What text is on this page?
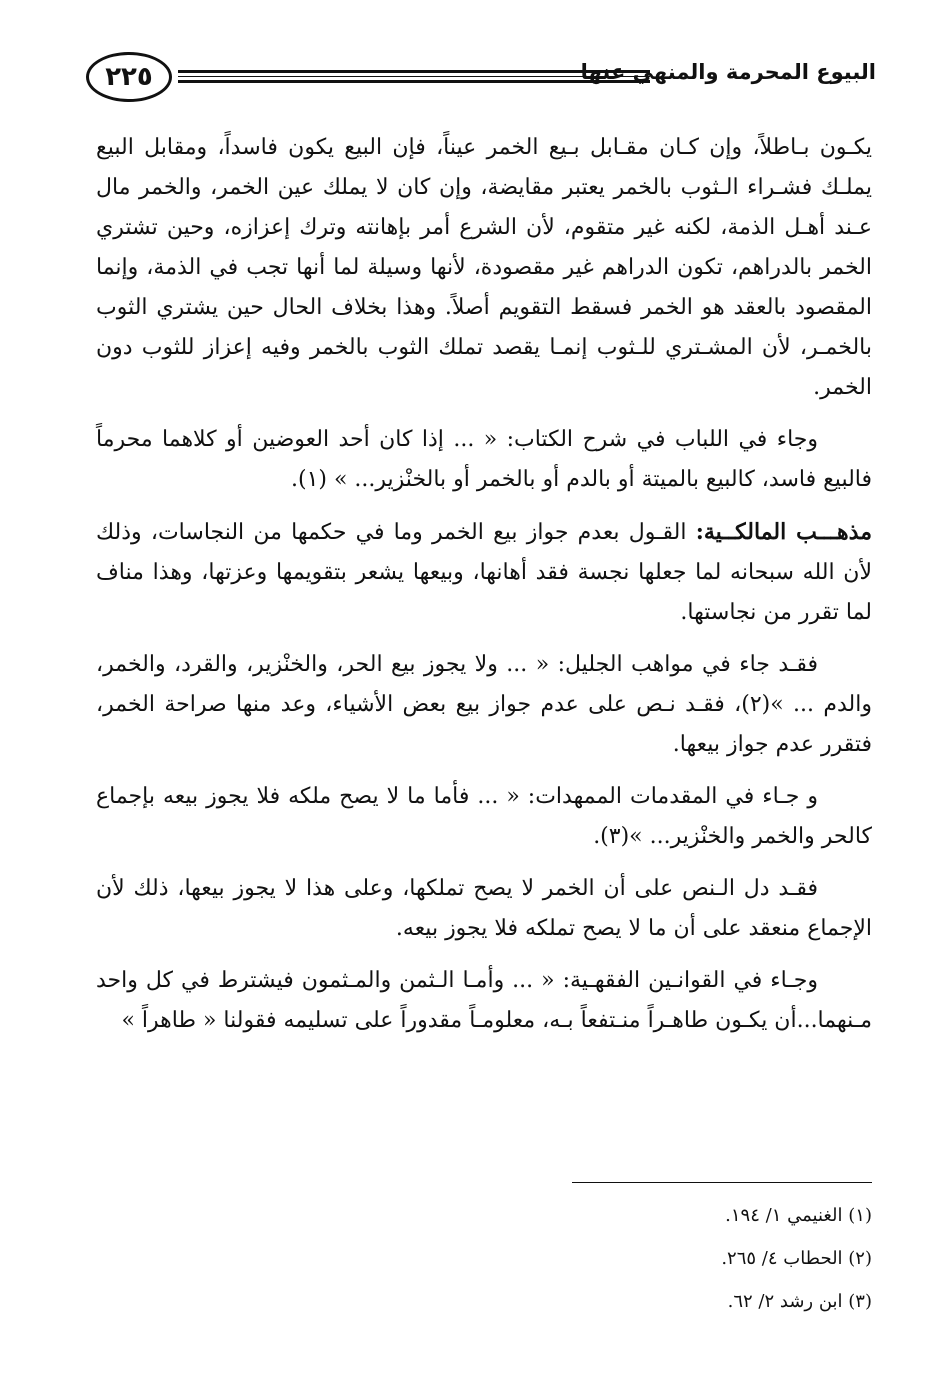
٢٢٥	البيوع المحرمة والمنهي عنها

يكـون بـاطلاً، وإن كـان مقـابل بـيع الخمر عيناً، فإن البيع يكون فاسداً، ومقابل البيع يملـك فشـراء الـثوب بالخمر يعتبر مقايضة، وإن كان لا يملك عين الخمر، والخمر مال عـند أهـل الذمة، لكنه غير متقوم، لأن الشرع أمر بإهانته وترك إعزازه، وحين تشتري الخمر بالدراهم، تكون الدراهم غير مقصودة، لأنها وسيلة لما أنها تجب في الذمة، وإنما المقصود بالعقد هو الخمر فسقط التقويم أصلاً. وهذا بخلاف الحال حين يشتري الثوب بالخمـر، لأن المشـتري للـثوب إنمـا يقصد تملك الثوب بالخمر وفيه إعزاز للثوب دون الخمر.

وجاء في اللباب في شرح الكتاب: « ... إذا كان أحد العوضين أو كلاهما محرماً فالبيع فاسد، كالبيع بالميتة أو بالدم أو بالخمر أو بالخنْزير... » (١).

مذهـــب المالكــية: القـول بعدم جواز بيع الخمر وما في حكمها من النجاسات، وذلك لأن الله سبحانه لما جعلها نجسة فقد أهانها، وبيعها يشعر بتقويمها وعزتها، وهذا مناف لما تقرر من نجاستها.

فقـد جاء في مواهب الجليل: « ... ولا يجوز بيع الحر، والخنْزير، والقرد، والخمر، والدم ... »(٢)، فقـد نـص على عدم جواز بيع بعض الأشياء، وعد منها صراحة الخمر، فتقرر عدم جواز بيعها.

و جـاء في المقدمات الممهدات: « ... فأما ما لا يصح ملكه فلا يجوز بيعه بإجماع كالحر والخمر والخنْزير... »(٣).

فقـد دل الـنص على أن الخمر لا يصح تملكها، وعلى هذا لا يجوز بيعها، ذلك لأن الإجماع منعقد على أن ما لا يصح تملكه فلا يجوز بيعه.

وجـاء في القوانـين الفقهـية: « ... وأمـا الـثمن والمـثمون فيشترط في كل واحد مـنهما...أن يكـون طاهـراً منـتفعاً بـه، معلومـاً مقدوراً على تسليمه فقولنا « طاهراً »

(١) الغنيمي ١/ ١٩٤.
(٢) الحطاب ٤/ ٢٦٥.
(٣) ابن رشد ٢/ ٦٢.
